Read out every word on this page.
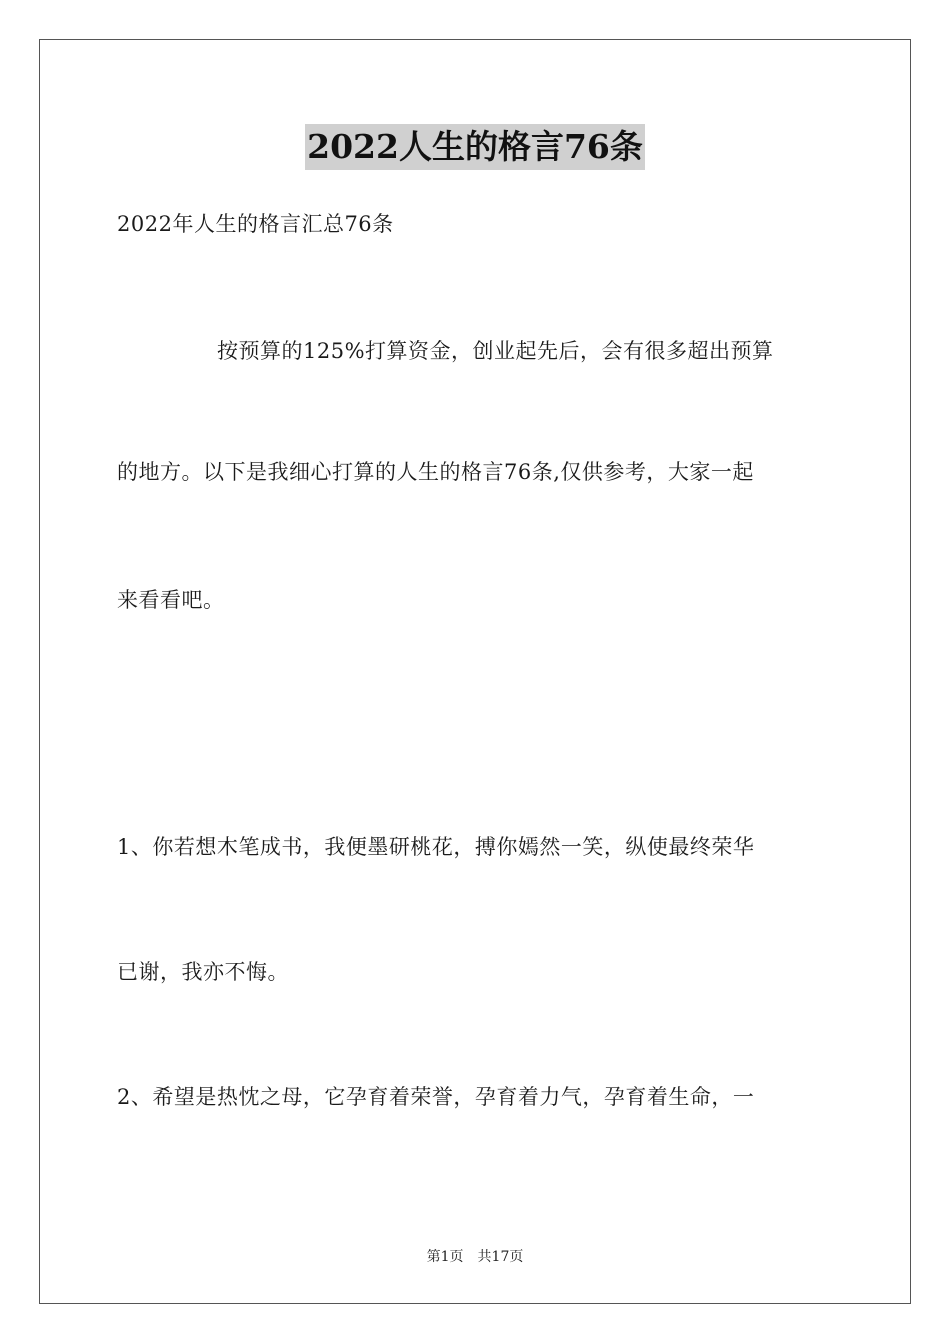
2022人生的格言76条
2022年人生的格言汇总76条
按预算的125%打算资金，创业起先后，会有很多超出预算
的地方。以下是我细心打算的人生的格言76条,仅供参考，大家一起
来看看吧。
1、你若想木笔成书，我便墨研桃花，搏你嫣然一笑，纵使最终荣华
已谢，我亦不悔。
2、希望是热忱之母，它孕育着荣誉，孕育着力气，孕育着生命，一
第1页 共17页
